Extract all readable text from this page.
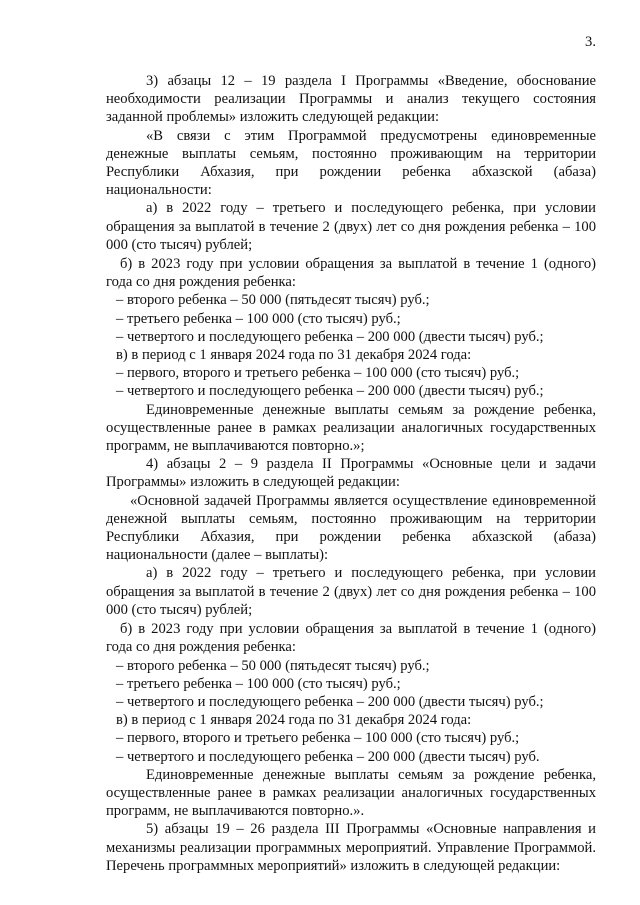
3.

3) абзацы 12 – 19 раздела I Программы «Введение, обоснование необходимости реализации Программы и анализ текущего состояния заданной проблемы» изложить следующей редакции:

«В связи с этим Программой предусмотрены единовременные денежные выплаты семьям, постоянно проживающим на территории Республики Абхазия, при рождении ребенка абхазской (абаза) национальности:

а) в 2022 году – третьего и последующего ребенка, при условии обращения за выплатой в течение 2 (двух) лет со дня рождения ребенка – 100 000 (сто тысяч) рублей;

б) в 2023 году при условии обращения за выплатой в течение 1 (одного) года со дня рождения ребенка:

– второго ребенка – 50 000 (пятьдесят тысяч) руб.;

– третьего ребенка – 100 000 (сто тысяч) руб.;

– четвертого и последующего ребенка – 200 000 (двести тысяч) руб.;

в) в период с 1 января 2024 года по 31 декабря 2024 года:

– первого, второго и третьего ребенка – 100 000 (сто тысяч) руб.;

– четвертого и последующего ребенка – 200 000 (двести тысяч) руб.;

Единовременные денежные выплаты семьям за рождение ребенка, осуществленные ранее в рамках реализации аналогичных государственных программ, не выплачиваются повторно.»;

4) абзацы 2 – 9 раздела II Программы «Основные цели и задачи Программы» изложить в следующей редакции:

«Основной задачей Программы является осуществление единовременной денежной выплаты семьям, постоянно проживающим на территории Республики Абхазия, при рождении ребенка абхазской (абаза) национальности (далее – выплаты):

а) в 2022 году – третьего и последующего ребенка, при условии обращения за выплатой в течение 2 (двух) лет со дня рождения ребенка – 100 000 (сто тысяч) рублей;

б) в 2023 году при условии обращения за выплатой в течение 1 (одного) года со дня рождения ребенка:

– второго ребенка – 50 000 (пятьдесят тысяч) руб.;

– третьего ребенка – 100 000 (сто тысяч) руб.;

– четвертого и последующего ребенка – 200 000 (двести тысяч) руб.;

в) в период с 1 января 2024 года по 31 декабря 2024 года:

– первого, второго и третьего ребенка – 100 000 (сто тысяч) руб.;

– четвертого и последующего ребенка – 200 000 (двести тысяч) руб.

Единовременные денежные выплаты семьям за рождение ребенка, осуществленные ранее в рамках реализации аналогичных государственных программ, не выплачиваются повторно.».

5) абзацы 19 – 26 раздела III Программы «Основные направления и механизмы реализации программных мероприятий. Управление Программой. Перечень программных мероприятий» изложить в следующей редакции:
